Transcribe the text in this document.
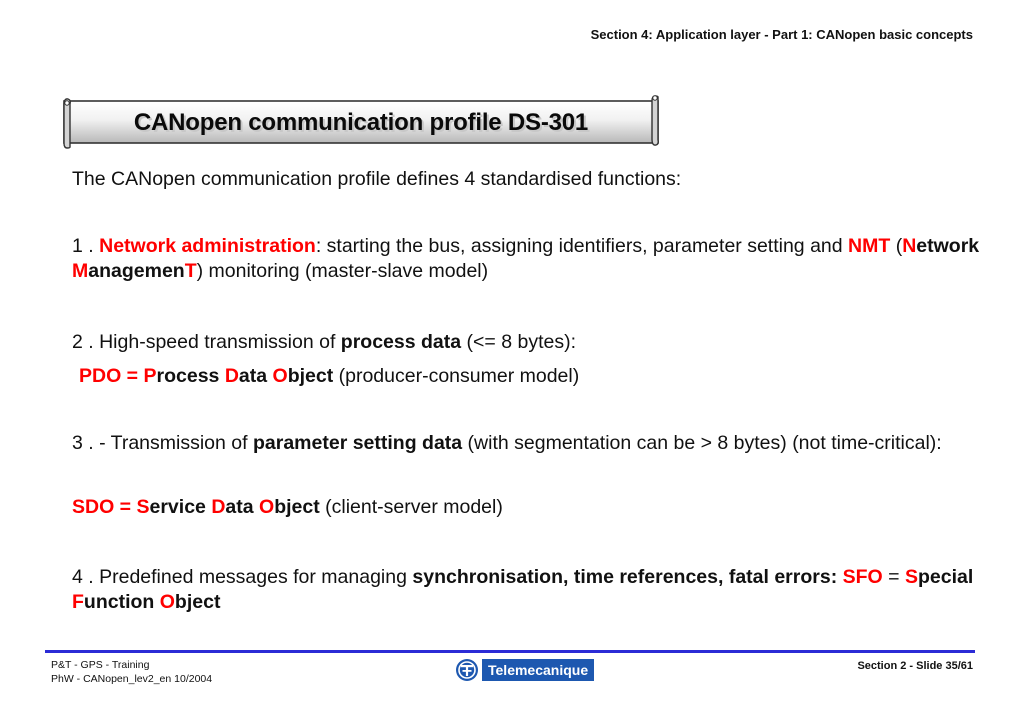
Section 4: Application layer - Part 1: CANopen basic concepts
CANopen communication profile DS-301

The CANopen communication profile defines 4 standardised functions:

1 . Network administration: starting the bus, assigning identifiers, parameter setting and NMT (Network ManagemenT) monitoring (master-slave model)

2 . High-speed transmission of process data (<= 8 bytes):

PDO = Process Data Object (producer-consumer model)

3 . - Transmission of parameter setting data (with segmentation can be > 8 bytes) (not time-critical):

SDO = Service Data Object (client-server model)

4 . Predefined messages for managing synchronisation, time references, fatal errors: SFO = Special Function Object

P&T - GPS - Training
PhW - CANopen_lev2_en 10/2004
Telemecanique	Section 2 - Slide 35/61
